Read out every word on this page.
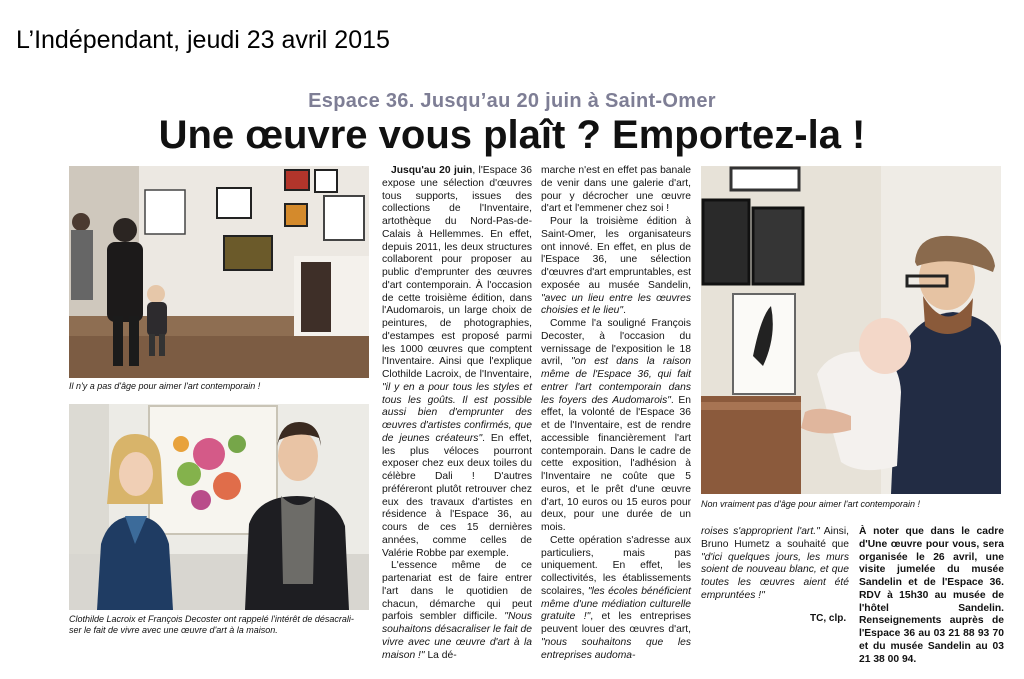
L’Indépendant, jeudi 23 avril 2015
Espace 36. Jusqu’au 20 juin à Saint-Omer
Une œuvre vous plaît ? Emportez-la !
Il n'y a pas d'âge pour aimer l'art contemporain !
Clothilde Lacroix et François Decoster ont rappelé l'intérêt de désacrali-
ser le fait de vivre avec une œuvre d'art à la maison.
Non vraiment pas d'âge pour aimer l'art contemporain !

Jusqu'au 20 juin, l'Espace 36 expose une sélection d'œuvres tous supports, issues des collections de l'Inventaire, artothèque du Nord-Pas-de-Calais à Hellemmes. En effet, depuis 2011, les deux structures collaborent pour proposer au public d'emprunter des œuvres d'art contemporain. À l'occasion de cette troisième édition, dans l'Audomarois, un large choix de peintures, de photographies, d'estampes est proposé parmi les 1000 œuvres que comptent l'Inventaire. Ainsi que l'explique Clothilde Lacroix, de l'Inventaire, "il y en a pour tous les styles et tous les goûts. Il est possible aussi bien d'emprunter des œuvres d'artistes confirmés, que de jeunes créateurs". En effet, les plus véloces pourront exposer chez eux deux toiles du célèbre Dali ! D'autres préféreront plutôt retrouver chez eux des travaux d'artistes en résidence à l'Espace 36, au cours de ces 15 dernières années, comme celles de Valérie Robbe par exemple.

L'essence même de ce partenariat est de faire entrer l'art dans le quotidien de chacun, démarche qui peut parfois sembler difficile. "Nous souhaitons désacraliser le fait de vivre avec une œuvre d'art à la maison !" La dé-

marche n'est en effet pas banale de venir dans une galerie d'art, pour y décrocher une œuvre d'art et l'emmener chez soi !

Pour la troisième édition à Saint-Omer, les organisateurs ont innové. En effet, en plus de l'Espace 36, une sélection d'œuvres d'art empruntables, est exposée au musée Sandelin, "avec un lieu entre les œuvres choisies et le lieu".

Comme l'a souligné François Decoster, à l'occasion du vernissage de l'exposition le 18 avril, "on est dans la raison même de l'Espace 36, qui fait entrer l'art contemporain dans les foyers des Audomarois". En effet, la volonté de l'Espace 36 et de l'Inventaire, est de rendre accessible financièrement l'art contemporain. Dans le cadre de cette exposition, l'adhésion à l'Inventaire ne coûte que 5 euros, et le prêt d'une œuvre d'art, 10 euros ou 15 euros pour deux, pour une durée de un mois.

Cette opération s'adresse aux particuliers, mais pas uniquement. En effet, les collectivités, les établissements scolaires, "les écoles bénéficient même d'une médiation culturelle gratuite !", et les entreprises peuvent louer des œuvres d'art, "nous souhaitons que les entreprises audoma-

roises s'approprient l'art." Ainsi, Bruno Humetz a souhaité que "d'ici quelques jours, les murs soient de nouveau blanc, et que toutes les œuvres aient été empruntées !"

TC, clp.
À noter que dans le cadre d'Une œuvre pour vous, sera organisée le 26 avril, une visite jumelée du musée Sandelin et de l'Espace 36. RDV à 15h30 au musée de l'hôtel Sandelin. Renseignements auprès de l'Espace 36 au 03 21 88 93 70 et du musée Sandelin au 03 21 38 00 94.
